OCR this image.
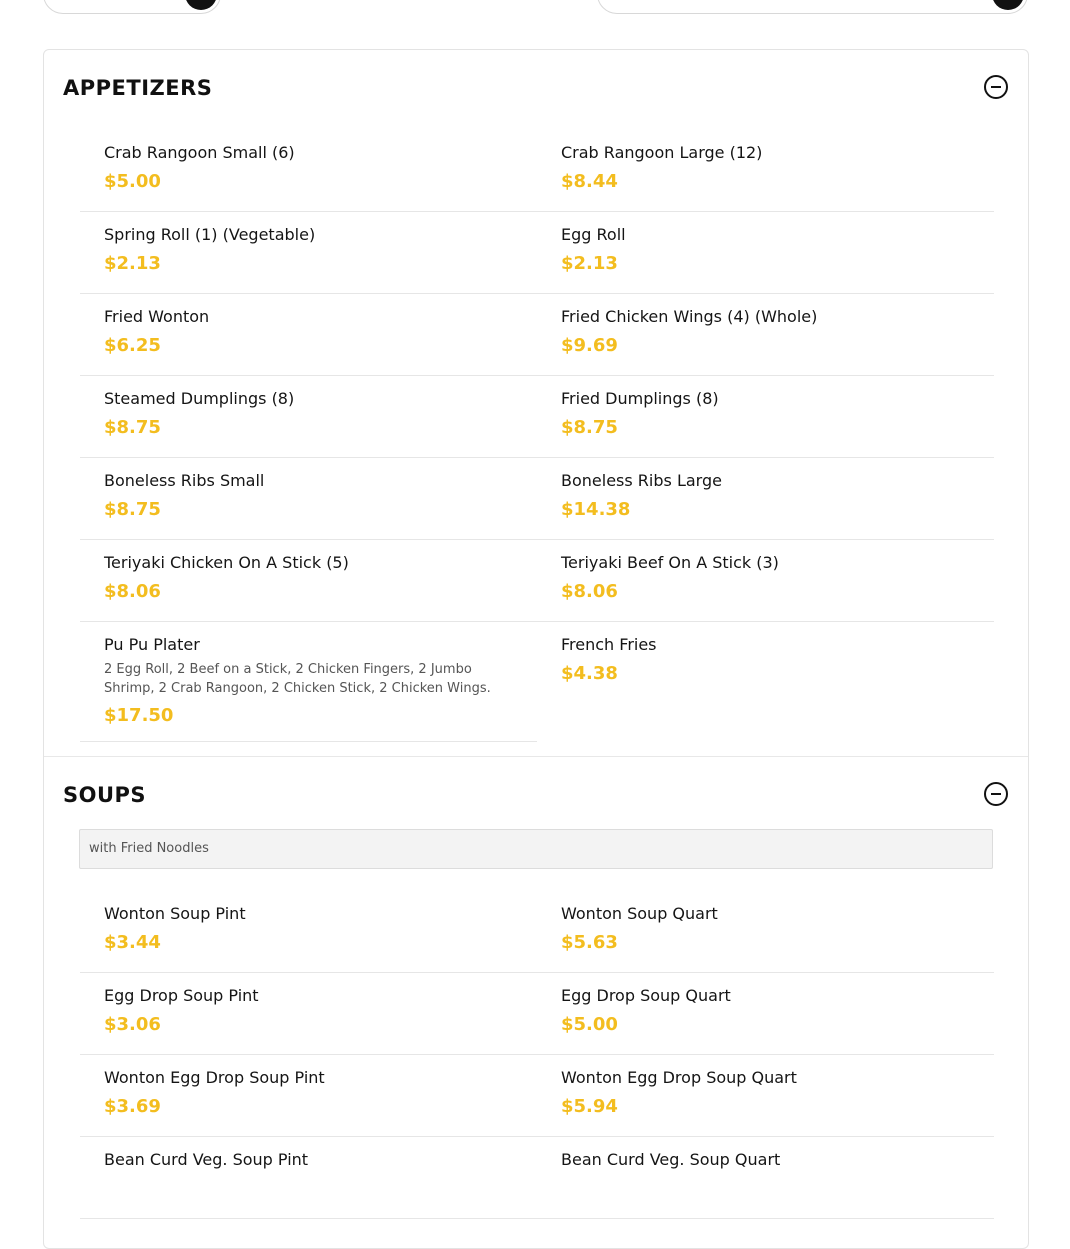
APPETIZERS
Crab Rangoon Small (6)
$5.00
Crab Rangoon Large (12)
$8.44
Spring Roll (1) (Vegetable)
$2.13
Egg Roll
$2.13
Fried Wonton
$6.25
Fried Chicken Wings (4) (Whole)
$9.69
Steamed Dumplings (8)
$8.75
Fried Dumplings (8)
$8.75
Boneless Ribs Small
$8.75
Boneless Ribs Large
$14.38
Teriyaki Chicken On A Stick (5)
$8.06
Teriyaki Beef On A Stick (3)
$8.06
Pu Pu Plater
2 Egg Roll, 2 Beef on a Stick, 2 Chicken Fingers, 2 Jumbo Shrimp, 2 Crab Rangoon, 2 Chicken Stick, 2 Chicken Wings.
$17.50
French Fries
$4.38
SOUPS
with Fried Noodles
Wonton Soup Pint
$3.44
Wonton Soup Quart
$5.63
Egg Drop Soup Pint
$3.06
Egg Drop Soup Quart
$5.00
Wonton Egg Drop Soup Pint
$3.69
Wonton Egg Drop Soup Quart
$5.94
Bean Curd Veg. Soup Pint	Bean Curd Veg. Soup Quart
